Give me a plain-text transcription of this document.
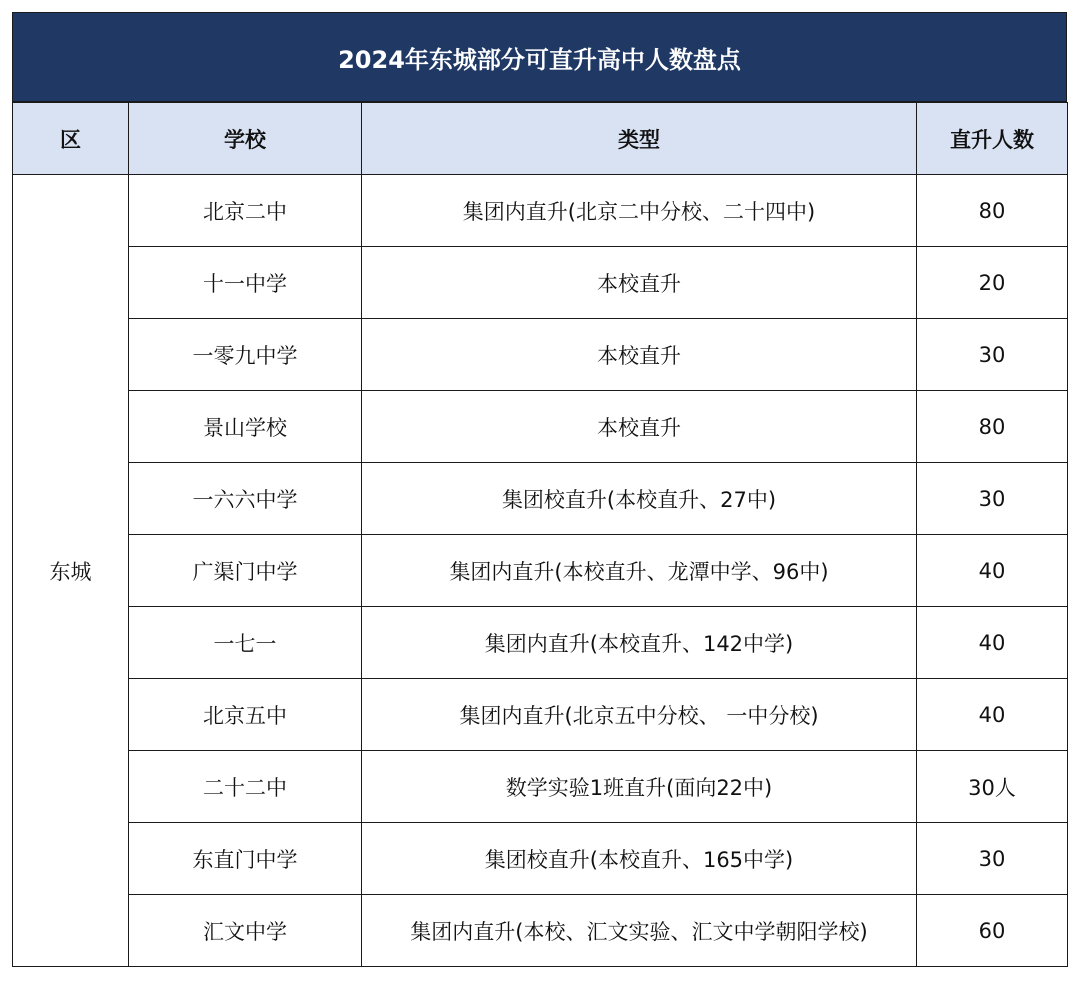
2024年东城部分可直升高中人数盘点
区	学校	类型	直升人数
东城	北京二中	集团内直升(北京二中分校、二十四中)	80
	十一中学	本校直升	20
	一零九中学	本校直升	30
	景山学校	本校直升	80
	一六六中学	集团校直升(本校直升、27中)	30
	广渠门中学	集团内直升(本校直升、龙潭中学、96中)	40
	一七一	集团内直升(本校直升、142中学)	40
	北京五中	集团内直升(北京五中分校、 一中分校)	40
	二十二中	数学实验1班直升(面向22中)	30人
	东直门中学	集团校直升(本校直升、165中学)	30
	汇文中学	集团内直升(本校、汇文实验、汇文中学朝阳学校)	60
